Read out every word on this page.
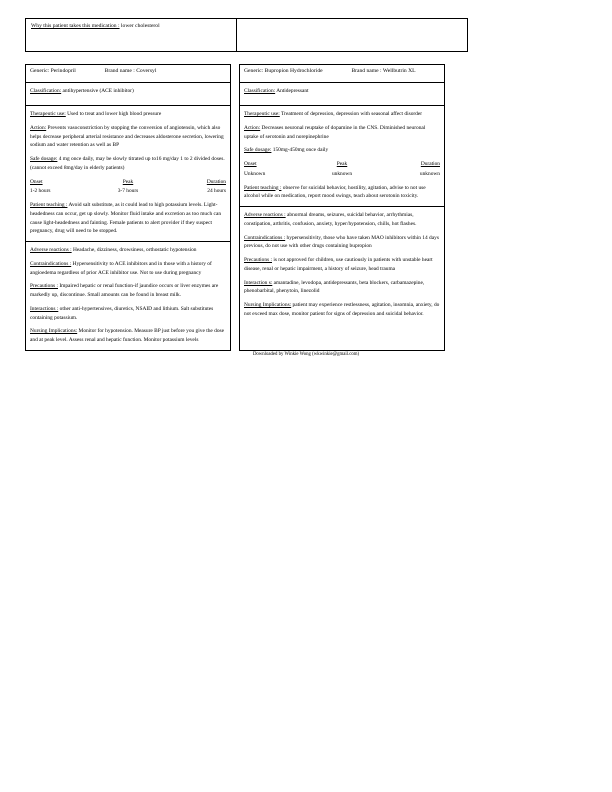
Why this patient takes this medication : lower cholesterol	
Generic: Perindopril	Brand name : Coversyl

Classification: antihypertensive (ACE inhibitor)

Therapeutic use: Used to treat and lower high blood pressure

Action: Prevents vasoconstriction by stopping the conversion of angiotensin, which also helps decrease peripheral arterial resistance and decreases aldosterone secretion, lowering sodium and water retention as well as BP

Safe dosage: 4 mg once daily, may be slowly titrated up to16 mg/day 1 to 2 divided doses. (cannot exceed 8mg/day in elderly patients)

Onset	Peak	Duration
1-2 hours	3-7 hours	24 hours

Patient teaching : Avoid salt substitute, as it could lead to high potassium levels. Light-headedness can occur, get up slowly. Monitor fluid intake and excretion as too much can cause light-headedness and fainting. Female patients to alert provider if they suspect pregnancy, drug will need to be stopped.

Adverse reactions : Headache, dizziness, drowsiness, orthostatic hypotension

Contraindications : Hypersensitivity to ACE inhibitors and in those with a history of angioedema regardless of prior ACE inhibitor use. Not to use during pregnancy

Precautions : Impaired hepatic or renal function-if jaundice occurs or liver enzymes are markedly up, discontinue. Small amounts can be found in breast milk.

Interactions : other anti-hypertensives, diuretics, NSAID and lithium. Salt substitutes containing potassium.

Nursing Implications: Monitor for hypotension. Measure BP just before you give the dose and at peak level. Assess renal and hepatic function. Monitor potassium levels

Generic: Bupropion Hydrochloride	Brand name : Wellbutrin XL

Classification: Antidepressant

Therapeutic use: Treatment of depression, depression with seasonal affect disorder

Action: Decreases neuronal reuptake of dopamine in the CNS. Diminished neuronal uptake of serotonin and norepinephrine

Safe dosage: 150mg-450mg once daily

Onset	Peak	Duration
Unknown	unknown	unknown

Patient teaching : observe for suicidal behavior, hostility, agitation, advise to not use alcohol while on medication, report mood swings, teach about serotonin toxicity.

Adverse reactions : abnormal dreams, seizures, suicidal behavior, arrhythmias, constipation, arthritis, confusion, anxiety, hyper/hypotension, chills, hot flashes.

Contraindications : hypersensitivity, those who have taken MAO inhibitors within 14 days previous, do not use with other drugs containing bupropion

Precautions : is not approved for children, use cautiously in patients with unstable heart disease, renal or hepatic impairment, a history of seizure, head trauma

Interaction s: amantadine, levodopa, antidepressants, beta blockers, carbamazepine, phenobarbital, phenytoin, linezolid

Nursing Implications: patient may experience restlessness, agitation, insomnia, anxiety, do not exceed max dose, monitor patient for signs of depression and suicidal behavior.

Downloaded by Winkie Wong (wkwinkie@gmail.com)
